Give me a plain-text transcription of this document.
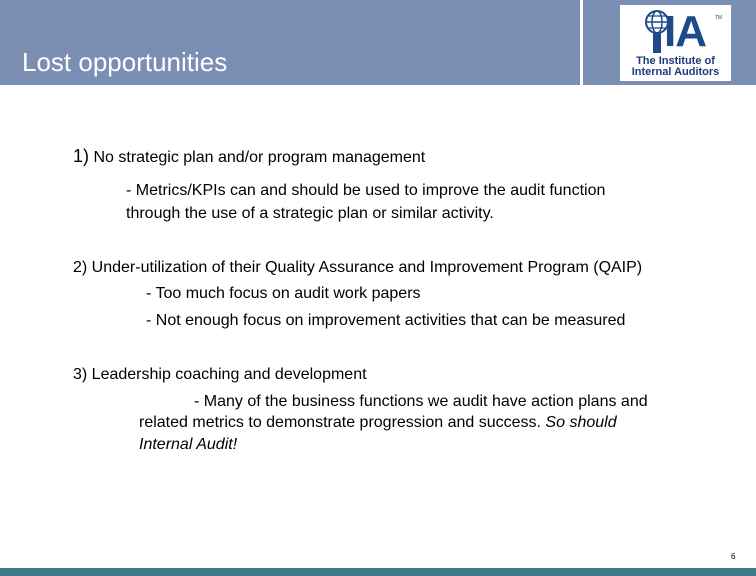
Lost opportunities
IA TM
The Institute of
Internal Auditors
1) No strategic plan and/or program management
- Metrics/KPIs can and should be used to improve the audit function
through the use of a strategic plan or similar activity.
2) Under-utilization of their Quality Assurance and Improvement Program (QAIP)
- Too much focus on audit work papers
- Not enough focus on improvement activities that can be measured
3) Leadership coaching and development
- Many of the business functions we audit have action plans and
related metrics to demonstrate progression and success. So should
Internal Audit!
6
